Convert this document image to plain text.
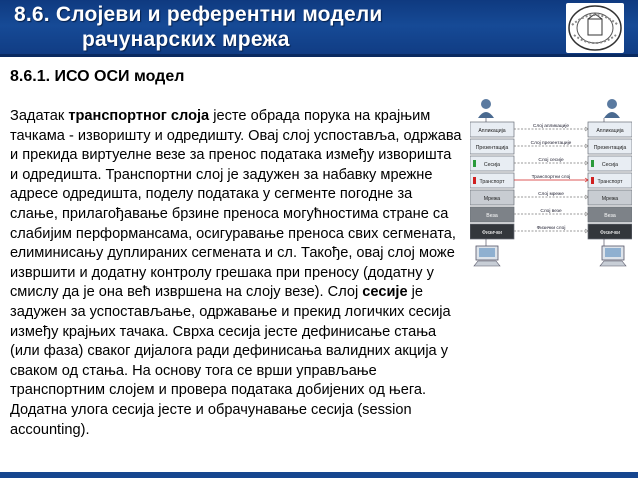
8.6. Слојеви и референтни модели
рачунарских мрежа
8.6.1. ИСО ОСИ модел
Задатак транспортног слоја јесте обрада порука на крајњим тачкама - изворишту и одредишту. Овај слој успоставља, одржава и прекида виртуелне везе за пренос података између изворишта и одредишта. Транспортни слој је задужен за набавку мрежне адресе одредишта, поделу података у сегменте погодне за слање, прилагођавање брзине преноса могућностима стране са слабијим перформансама, осигуравање преноса свих сегмената, елиминисању дуплираних сегмената и сл. Такође, овај слој може извршити и додатну контролу грешака при преносу (додатну у смислу да је она већ извршена на слоју везе). Слој сесије је задужен за успостављање, одржавање и прекид логичких сесија између крајњих тачака. Сврха сесија јесте дефинисање стања (или фаза) сваког дијалога ради дефинисања валидних акција у сваком од стања. На основу тога се врши управљање транспортним слојем и провера података добијених од њега. Додатна улога сесија јесте и обрачунавање сесија (session accounting).
Апликација	Апликација
Слој апликације
Презентација	Презентација
Слој презентације
Сесија	Сесија
Слој сесије
Транспорт	Транспорт
Транспортни слој
Мрежа	Мрежа
Слој мреже
Веза	Веза
Слој везе
Физички	Физички
Физички слој
